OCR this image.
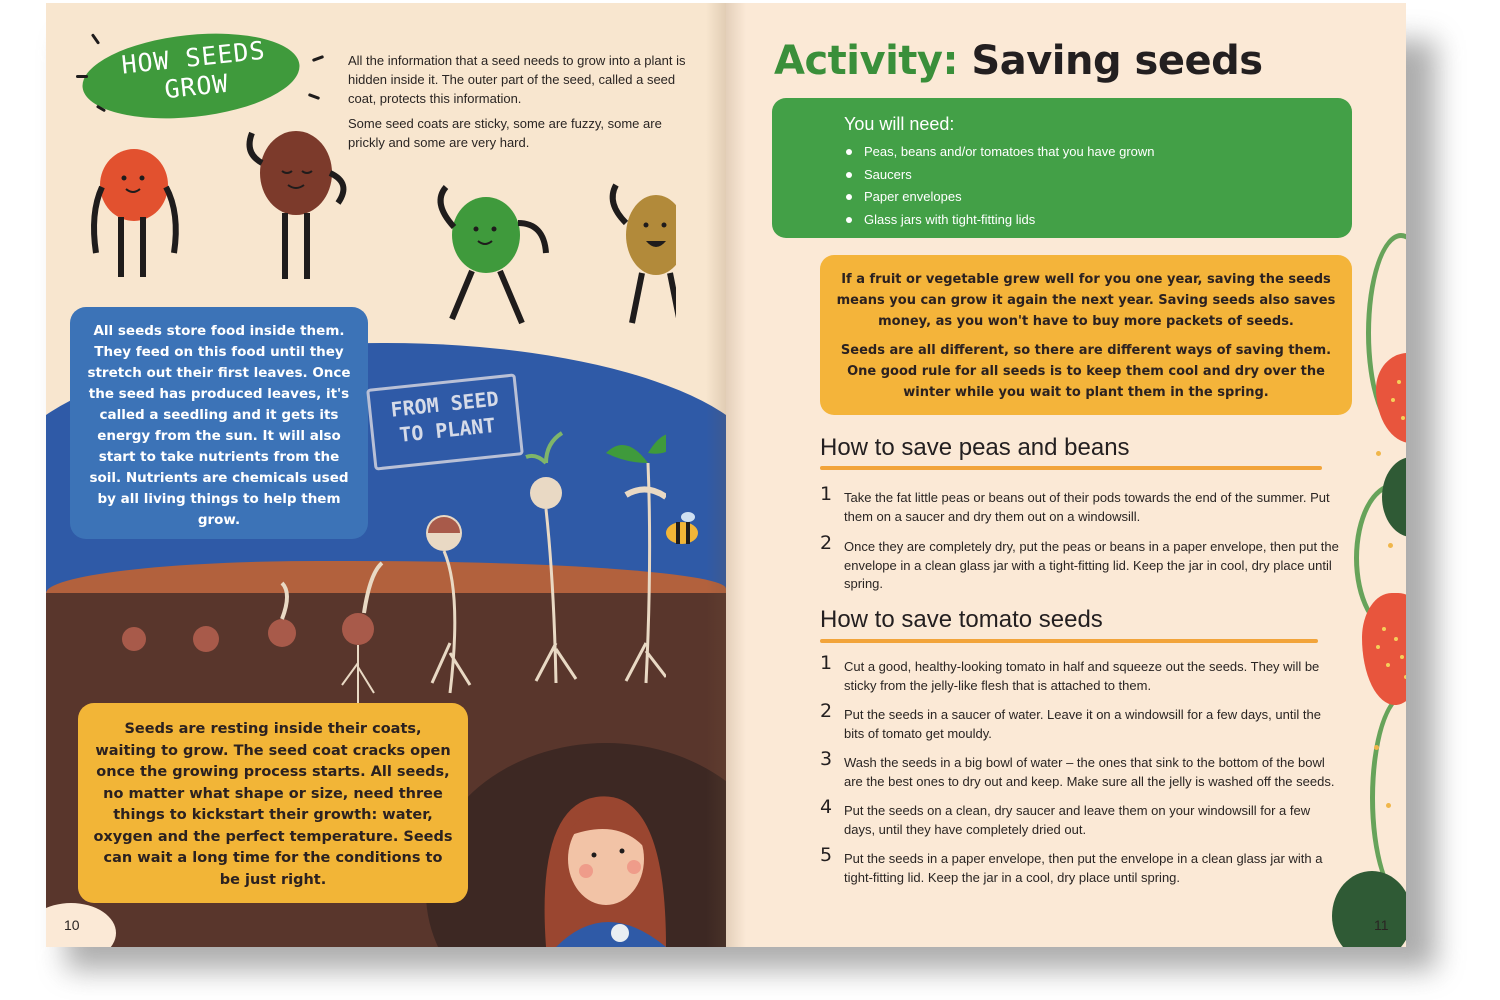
HOW SEEDS GROW

All the information that a seed needs to grow into a plant is hidden inside it. The outer part of the seed, called a seed coat, protects this information.

Some seed coats are sticky, some are fuzzy, some are prickly and some are very hard.

All seeds store food inside them. They feed on this food until they stretch out their first leaves. Once the seed has produced leaves, it's called a seedling and it gets its energy from the sun. It will also start to take nutrients from the soil. Nutrients are chemicals used by all living things to help them grow.
FROM SEED TO PLANT
Seeds are resting inside their coats, waiting to grow. The seed coat cracks open once the growing process starts. All seeds, no matter what shape or size, need three things to kickstart their growth: water, oxygen and the perfect temperature. Seeds can wait a long time for the conditions to be just right.
10
Activity: Saving seeds
You will need:
Peas, beans and/or tomatoes that you have grown
Saucers
Paper envelopes
Glass jars with tight-fitting lids

If a fruit or vegetable grew well for you one year, saving the seeds means you can grow it again the next year. Saving seeds also saves money, as you won't have to buy more packets of seeds.

Seeds are all different, so there are different ways of saving them. One good rule for all seeds is to keep them cool and dry over the winter while you wait to plant them in the spring.

How to save peas and beans
1 Take the fat little peas or beans out of their pods towards the end of the summer. Put them on a saucer and dry them out on a windowsill.
2 Once they are completely dry, put the peas or beans in a paper envelope, then put the envelope in a clean glass jar with a tight-fitting lid. Keep the jar in cool, dry place until spring.
How to save tomato seeds
1 Cut a good, healthy-looking tomato in half and squeeze out the seeds. They will be sticky from the jelly-like flesh that is attached to them.
2 Put the seeds in a saucer of water. Leave it on a windowsill for a few days, until the bits of tomato get mouldy.
3 Wash the seeds in a big bowl of water – the ones that sink to the bottom of the bowl are the best ones to dry out and keep. Make sure all the jelly is washed off the seeds.
4 Put the seeds on a clean, dry saucer and leave them on your windowsill for a few days, until they have completely dried out.
5 Put the seeds in a paper envelope, then put the envelope in a clean glass jar with a tight-fitting lid. Keep the jar in a cool, dry place until spring.
11
